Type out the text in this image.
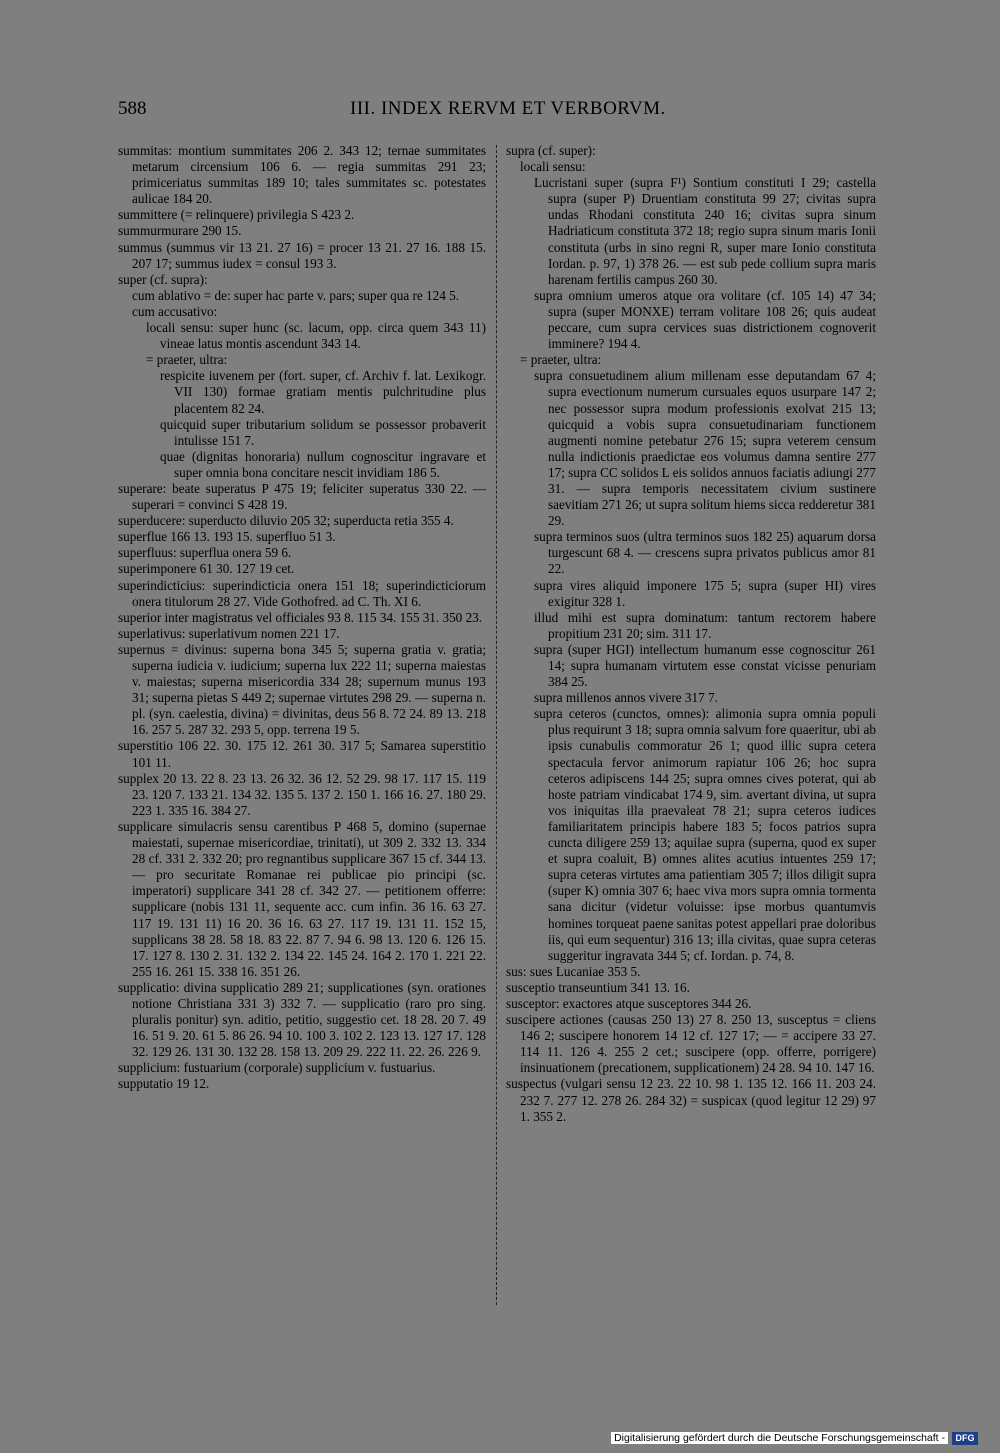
588	III. INDEX RERVM ET VERBORVM.

summitas: montium summitates 206 2. 343 12; ternae summitates metarum circensium 106 6. — regia summitas 291 23; primiceriatus summitas 189 10; tales summitates sc. potestates aulicae 184 20.

summittere (= relinquere) privilegia S 423 2.

summurmurare 290 15.

summus (summus vir 13 21. 27 16) = procer 13 21. 27 16. 188 15. 207 17; summus iudex = consul 193 3.

super (cf. supra):

cum ablativo = de: super hac parte v. pars; super qua re 124 5.

cum accusativo:

locali sensu: super hunc (sc. lacum, opp. circa quem 343 11) vineae latus montis ascendunt 343 14.

= praeter, ultra:

respicite iuvenem per (fort. super, cf. Archiv f. lat. Lexikogr. VII 130) formae gratiam mentis pulchritudine plus placentem 82 24.

quicquid super tributarium solidum se possessor probaverit intulisse 151 7.

quae (dignitas honoraria) nullum cognoscitur ingravare et super omnia bona concitare nescit invidiam 186 5.

superare: beate superatus P 475 19; feliciter superatus 330 22. — superari = convinci S 428 19.

superducere: superducto diluvio 205 32; superducta retia 355 4.

superflue 166 13. 193 15. superfluo 51 3.

superfluus: superflua onera 59 6.

superimponere 61 30. 127 19 cet.

superindicticius: superindicticia onera 151 18; superindicticiorum onera titulorum 28 27. Vide Gothofred. ad C. Th. XI 6.

superior inter magistratus vel officiales 93 8. 115 34. 155 31. 350 23.

superlativus: superlativum nomen 221 17.

supernus = divinus: superna bona 345 5; superna gratia v. gratia; superna iudicia v. iudicium; superna lux 222 11; superna maiestas v. maiestas; superna misericordia 334 28; supernum munus 193 31; superna pietas S 449 2; supernae virtutes 298 29. — superna n. pl. (syn. caelestia, divina) = divinitas, deus 56 8. 72 24. 89 13. 218 16. 257 5. 287 32. 293 5, opp. terrena 19 5.

superstitio 106 22. 30. 175 12. 261 30. 317 5; Samarea superstitio 101 11.

supplex 20 13. 22 8. 23 13. 26 32. 36 12. 52 29. 98 17. 117 15. 119 23. 120 7. 133 21. 134 32. 135 5. 137 2. 150 1. 166 16. 27. 180 29. 223 1. 335 16. 384 27.

supplicare simulacris sensu carentibus P 468 5, domino (supernae maiestati, supernae misericordiae, trinitati), ut 309 2. 332 13. 334 28 cf. 331 2. 332 20; pro regnantibus supplicare 367 15 cf. 344 13. — pro securitate Romanae rei publicae pio principi (sc. imperatori) supplicare 341 28 cf. 342 27. — petitionem offerre: supplicare (nobis 131 11, sequente acc. cum infin. 36 16. 63 27. 117 19. 131 11) 16 20. 36 16. 63 27. 117 19. 131 11. 152 15, supplicans 38 28. 58 18. 83 22. 87 7. 94 6. 98 13. 120 6. 126 15. 17. 127 8. 130 2. 31. 132 2. 134 22. 145 24. 164 2. 170 1. 221 22. 255 16. 261 15. 338 16. 351 26.

supplicatio: divina supplicatio 289 21; supplicationes (syn. orationes notione Christiana 331 3) 332 7. — supplicatio (raro pro sing. pluralis ponitur) syn. aditio, petitio, suggestio cet. 18 28. 20 7. 49 16. 51 9. 20. 61 5. 86 26. 94 10. 100 3. 102 2. 123 13. 127 17. 128 32. 129 26. 131 30. 132 28. 158 13. 209 29. 222 11. 22. 26. 226 9.

supplicium: fustuarium (corporale) supplicium v. fustuarius.

supputatio 19 12.

supra (cf. super):

locali sensu:

Lucristani super (supra F¹) Sontium constituti I 29; castella supra (super P) Druentiam constituta 99 27; civitas supra undas Rhodani constituta 240 16; civitas supra sinum Hadriaticum constituta 372 18; regio supra sinum maris Ionii constituta (urbs in sino regni R, super mare Ionio constituta Iordan. p. 97, 1) 378 26. — est sub pede collium supra maris harenam fertilis campus 260 30.

supra omnium umeros atque ora volitare (cf. 105 14) 47 34; supra (super MONXE) terram volitare 108 26; quis audeat peccare, cum supra cervices suas districtionem cognoverit imminere? 194 4.

= praeter, ultra:

supra consuetudinem alium millenam esse deputandam 67 4; supra evectionum numerum cursuales equos usurpare 147 2; nec possessor supra modum professionis exolvat 215 13; quicquid a vobis supra consuetudinariam functionem augmenti nomine petebatur 276 15; supra veterem censum nulla indictionis praedictae eos volumus damna sentire 277 17; supra CC solidos L eis solidos annuos faciatis adiungi 277 31. — supra temporis necessitatem civium sustinere saevitiam 271 26; ut supra solitum hiems sicca redderetur 381 29.

supra terminos suos (ultra terminos suos 182 25) aquarum dorsa turgescunt 68 4. — crescens supra privatos publicus amor 81 22.

supra vires aliquid imponere 175 5; supra (super HI) vires exigitur 328 1.

illud mihi est supra dominatum: tantum rectorem habere propitium 231 20; sim. 311 17.

supra (super HGI) intellectum humanum esse cognoscitur 261 14; supra humanam virtutem esse constat vicisse penuriam 384 25.

supra millenos annos vivere 317 7.

supra ceteros (cunctos, omnes): alimonia supra omnia populi plus requirunt 3 18; supra omnia salvum fore quaeritur, ubi ab ipsis cunabulis commoratur 26 1; quod illic supra cetera spectacula fervor animorum rapiatur 106 26; hoc supra ceteros adipiscens 144 25; supra omnes cives poterat, qui ab hoste patriam vindicabat 174 9, sim. avertant divina, ut supra vos iniquitas illa praevaleat 78 21; supra ceteros iudices familiaritatem principis habere 183 5; focos patrios supra cuncta diligere 259 13; aquilae supra (superna, quod ex super et supra coaluit, B) omnes alites acutius intuentes 259 17; supra ceteras virtutes ama patientiam 305 7; illos diligit supra (super K) omnia 307 6; haec viva mors supra omnia tormenta sana dicitur (videtur voluisse: ipse morbus quantumvis homines torqueat paene sanitas potest appellari prae doloribus iis, qui eum sequentur) 316 13; illa civitas, quae supra ceteras suggeritur ingravata 344 5; cf. Iordan. p. 74, 8.

sus: sues Lucaniae 353 5.

susceptio transeuntium 341 13. 16.

susceptor: exactores atque susceptores 344 26.

suscipere actiones (causas 250 13) 27 8. 250 13, susceptus = cliens 146 2; suscipere honorem 14 12 cf. 127 17; — = accipere 33 27. 114 11. 126 4. 255 2 cet.; suscipere (opp. offerre, porrigere) insinuationem (precationem, supplicationem) 24 28. 94 10. 147 16.

suspectus (vulgari sensu 12 23. 22 10. 98 1. 135 12. 166 11. 203 24. 232 7. 277 12. 278 26. 284 32) = suspicax (quod legitur 12 29) 97 1. 355 2.

Digitalisierung gefördert durch die Deutsche Forschungsgemeinschaft -	DFG
